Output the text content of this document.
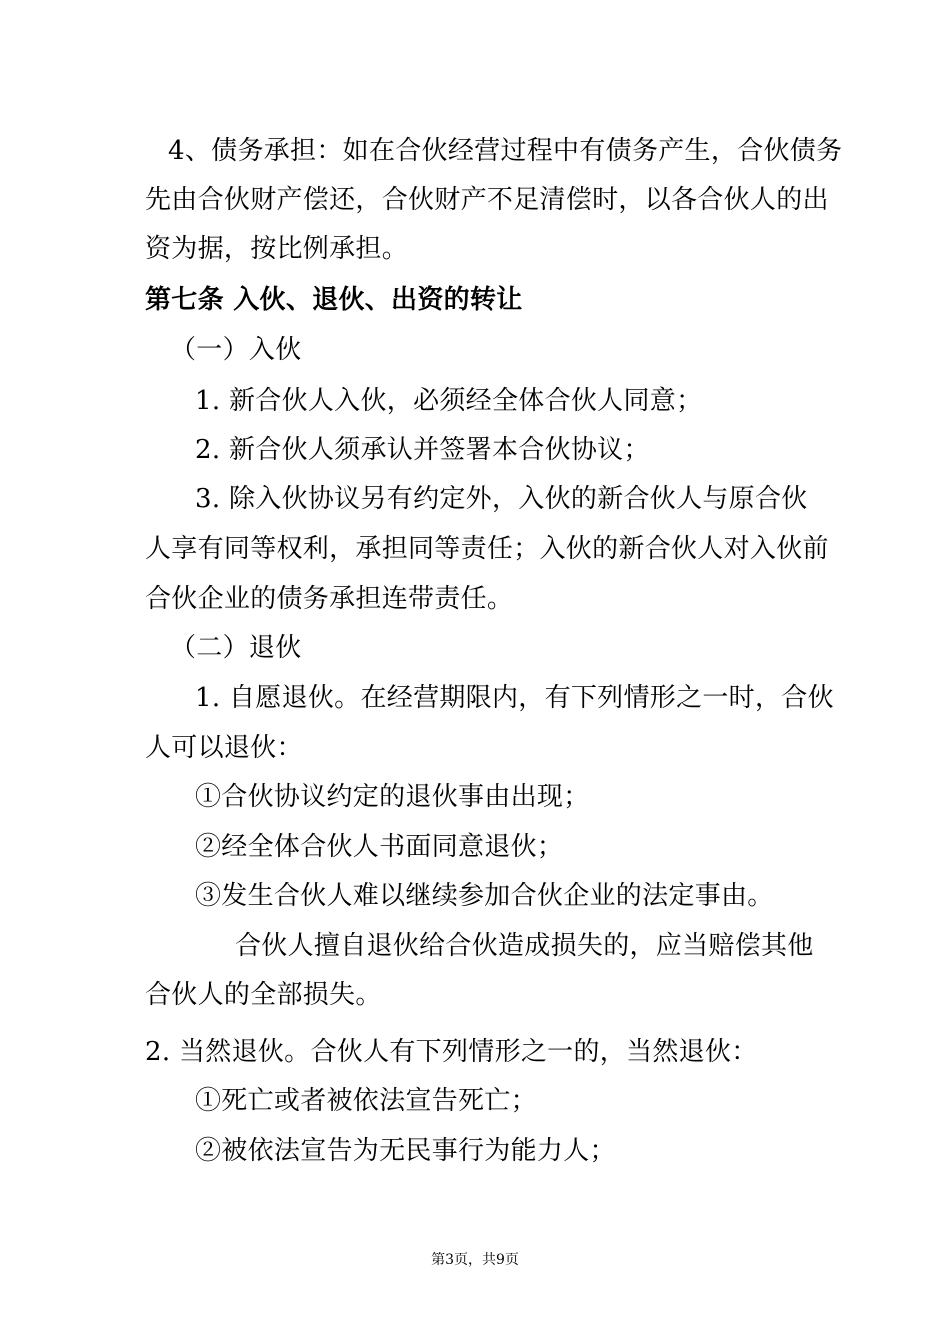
4、债务承担：如在合伙经营过程中有债务产生，合伙债务
先由合伙财产偿还，合伙财产不足清偿时，以各合伙人的出
资为据，按比例承担。
第七条 入伙、退伙、出资的转让
（一）入伙
1. 新合伙人入伙，必须经全体合伙人同意；
2. 新合伙人须承认并签署本合伙协议；
3. 除入伙协议另有约定外，入伙的新合伙人与原合伙
人享有同等权利，承担同等责任；入伙的新合伙人对入伙前
合伙企业的债务承担连带责任。
（二）退伙
1. 自愿退伙。在经营期限内，有下列情形之一时，合伙
人可以退伙：
①合伙协议约定的退伙事由出现；
②经全体合伙人书面同意退伙；
③发生合伙人难以继续参加合伙企业的法定事由。
合伙人擅自退伙给合伙造成损失的，应当赔偿其他
合伙人的全部损失。
2. 当然退伙。合伙人有下列情形之一的，当然退伙：
①死亡或者被依法宣告死亡；
②被依法宣告为无民事行为能力人；
第3页，共9页
